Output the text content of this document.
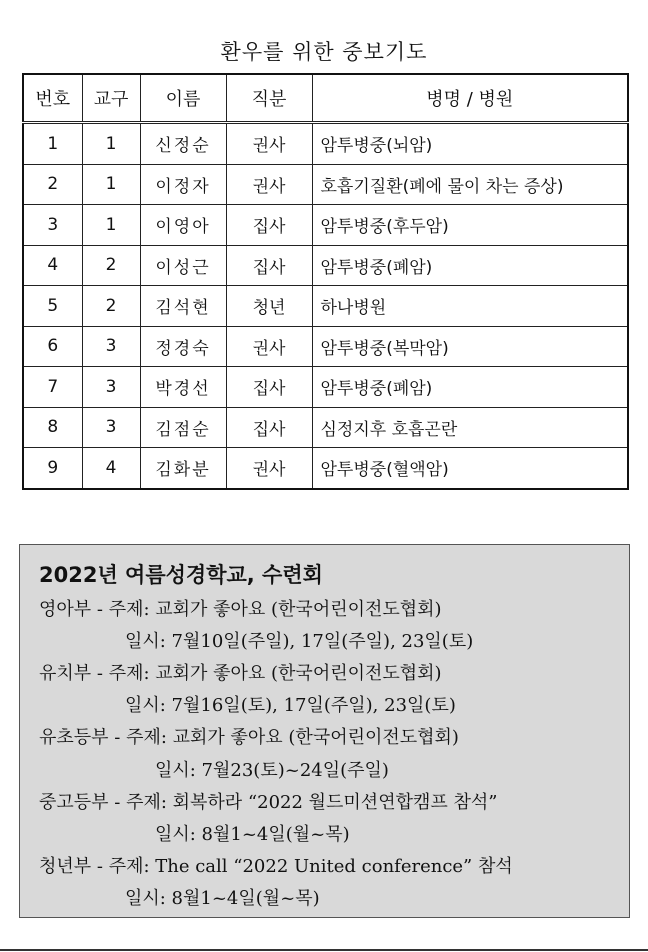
환우를 위한 중보기도
번호	교구	이름	직분	병명 / 병원
1	1	신정순	권사	암투병중(뇌암)
2	1	이정자	권사	호흡기질환(폐에 물이 차는 증상)
3	1	이영아	집사	암투병중(후두암)
4	2	이성근	집사	암투병중(폐암)
5	2	김석현	청년	하나병원
6	3	정경숙	권사	암투병중(복막암)
7	3	박경선	집사	암투병중(폐암)
8	3	김점순	집사	심정지후 호흡곤란
9	4	김화분	권사	암투병중(혈액암)
2022년 여름성경학교, 수련회
영아부 - 주제: 교회가 좋아요 (한국어린이전도협회)
일시: 7월10일(주일), 17일(주일), 23일(토)
유치부 - 주제: 교회가 좋아요 (한국어린이전도협회)
일시: 7월16일(토), 17일(주일), 23일(토)
유초등부 - 주제: 교회가 좋아요 (한국어린이전도협회)
일시: 7월23(토)~24일(주일)
중고등부 - 주제: 회복하라 “2022 월드미션연합캠프 참석”
일시: 8월1~4일(월~목)
청년부 - 주제: The call “2022 United conference” 참석
일시: 8월1~4일(월~목)
